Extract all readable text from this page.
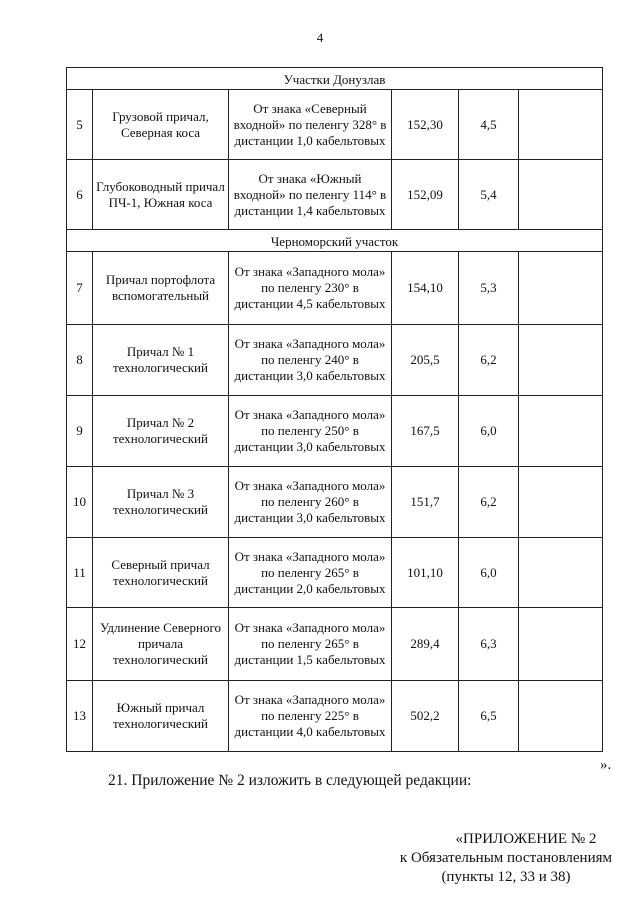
4
Участки Донузлав					
5	Грузовой причал, Северная коса	От знака «Северный входной» по пеленгу 328° в дистанции 1,0 кабельтовых	152,30	4,5	
6	Глубоководный причал ПЧ-1, Южная коса	От знака «Южный входной» по пеленгу 114° в дистанции 1,4 кабельтовых	152,09	5,4	
Черноморский участок					
7	Причал портофлота вспомогательный	От знака «Западного мола» по пеленгу 230° в дистанции 4,5 кабельтовых	154,10	5,3	
8	Причал № 1 технологический	От знака «Западного мола» по пеленгу 240° в дистанции 3,0 кабельтовых	205,5	6,2	
9	Причал № 2 технологический	От знака «Западного мола» по пеленгу 250° в дистанции 3,0 кабельтовых	167,5	6,0	
10	Причал № 3 технологический	От знака «Западного мола» по пеленгу 260° в дистанции 3,0 кабельтовых	151,7	6,2	
11	Северный причал технологический	От знака «Западного мола» по пеленгу 265° в дистанции 2,0 кабельтовых	101,10	6,0	
12	Удлинение Северного причала технологический	От знака «Западного мола» по пеленгу 265° в дистанции 1,5 кабельтовых	289,4	6,3	
13	Южный причал технологический	От знака «Западного мола» по пеленгу 225° в дистанции 4,0 кабельтовых	502,2	6,5	
».
21. Приложение № 2 изложить в следующей редакции:
«ПРИЛОЖЕНИЕ № 2
к Обязательным постановлениям
(пункты 12, 33 и 38)
